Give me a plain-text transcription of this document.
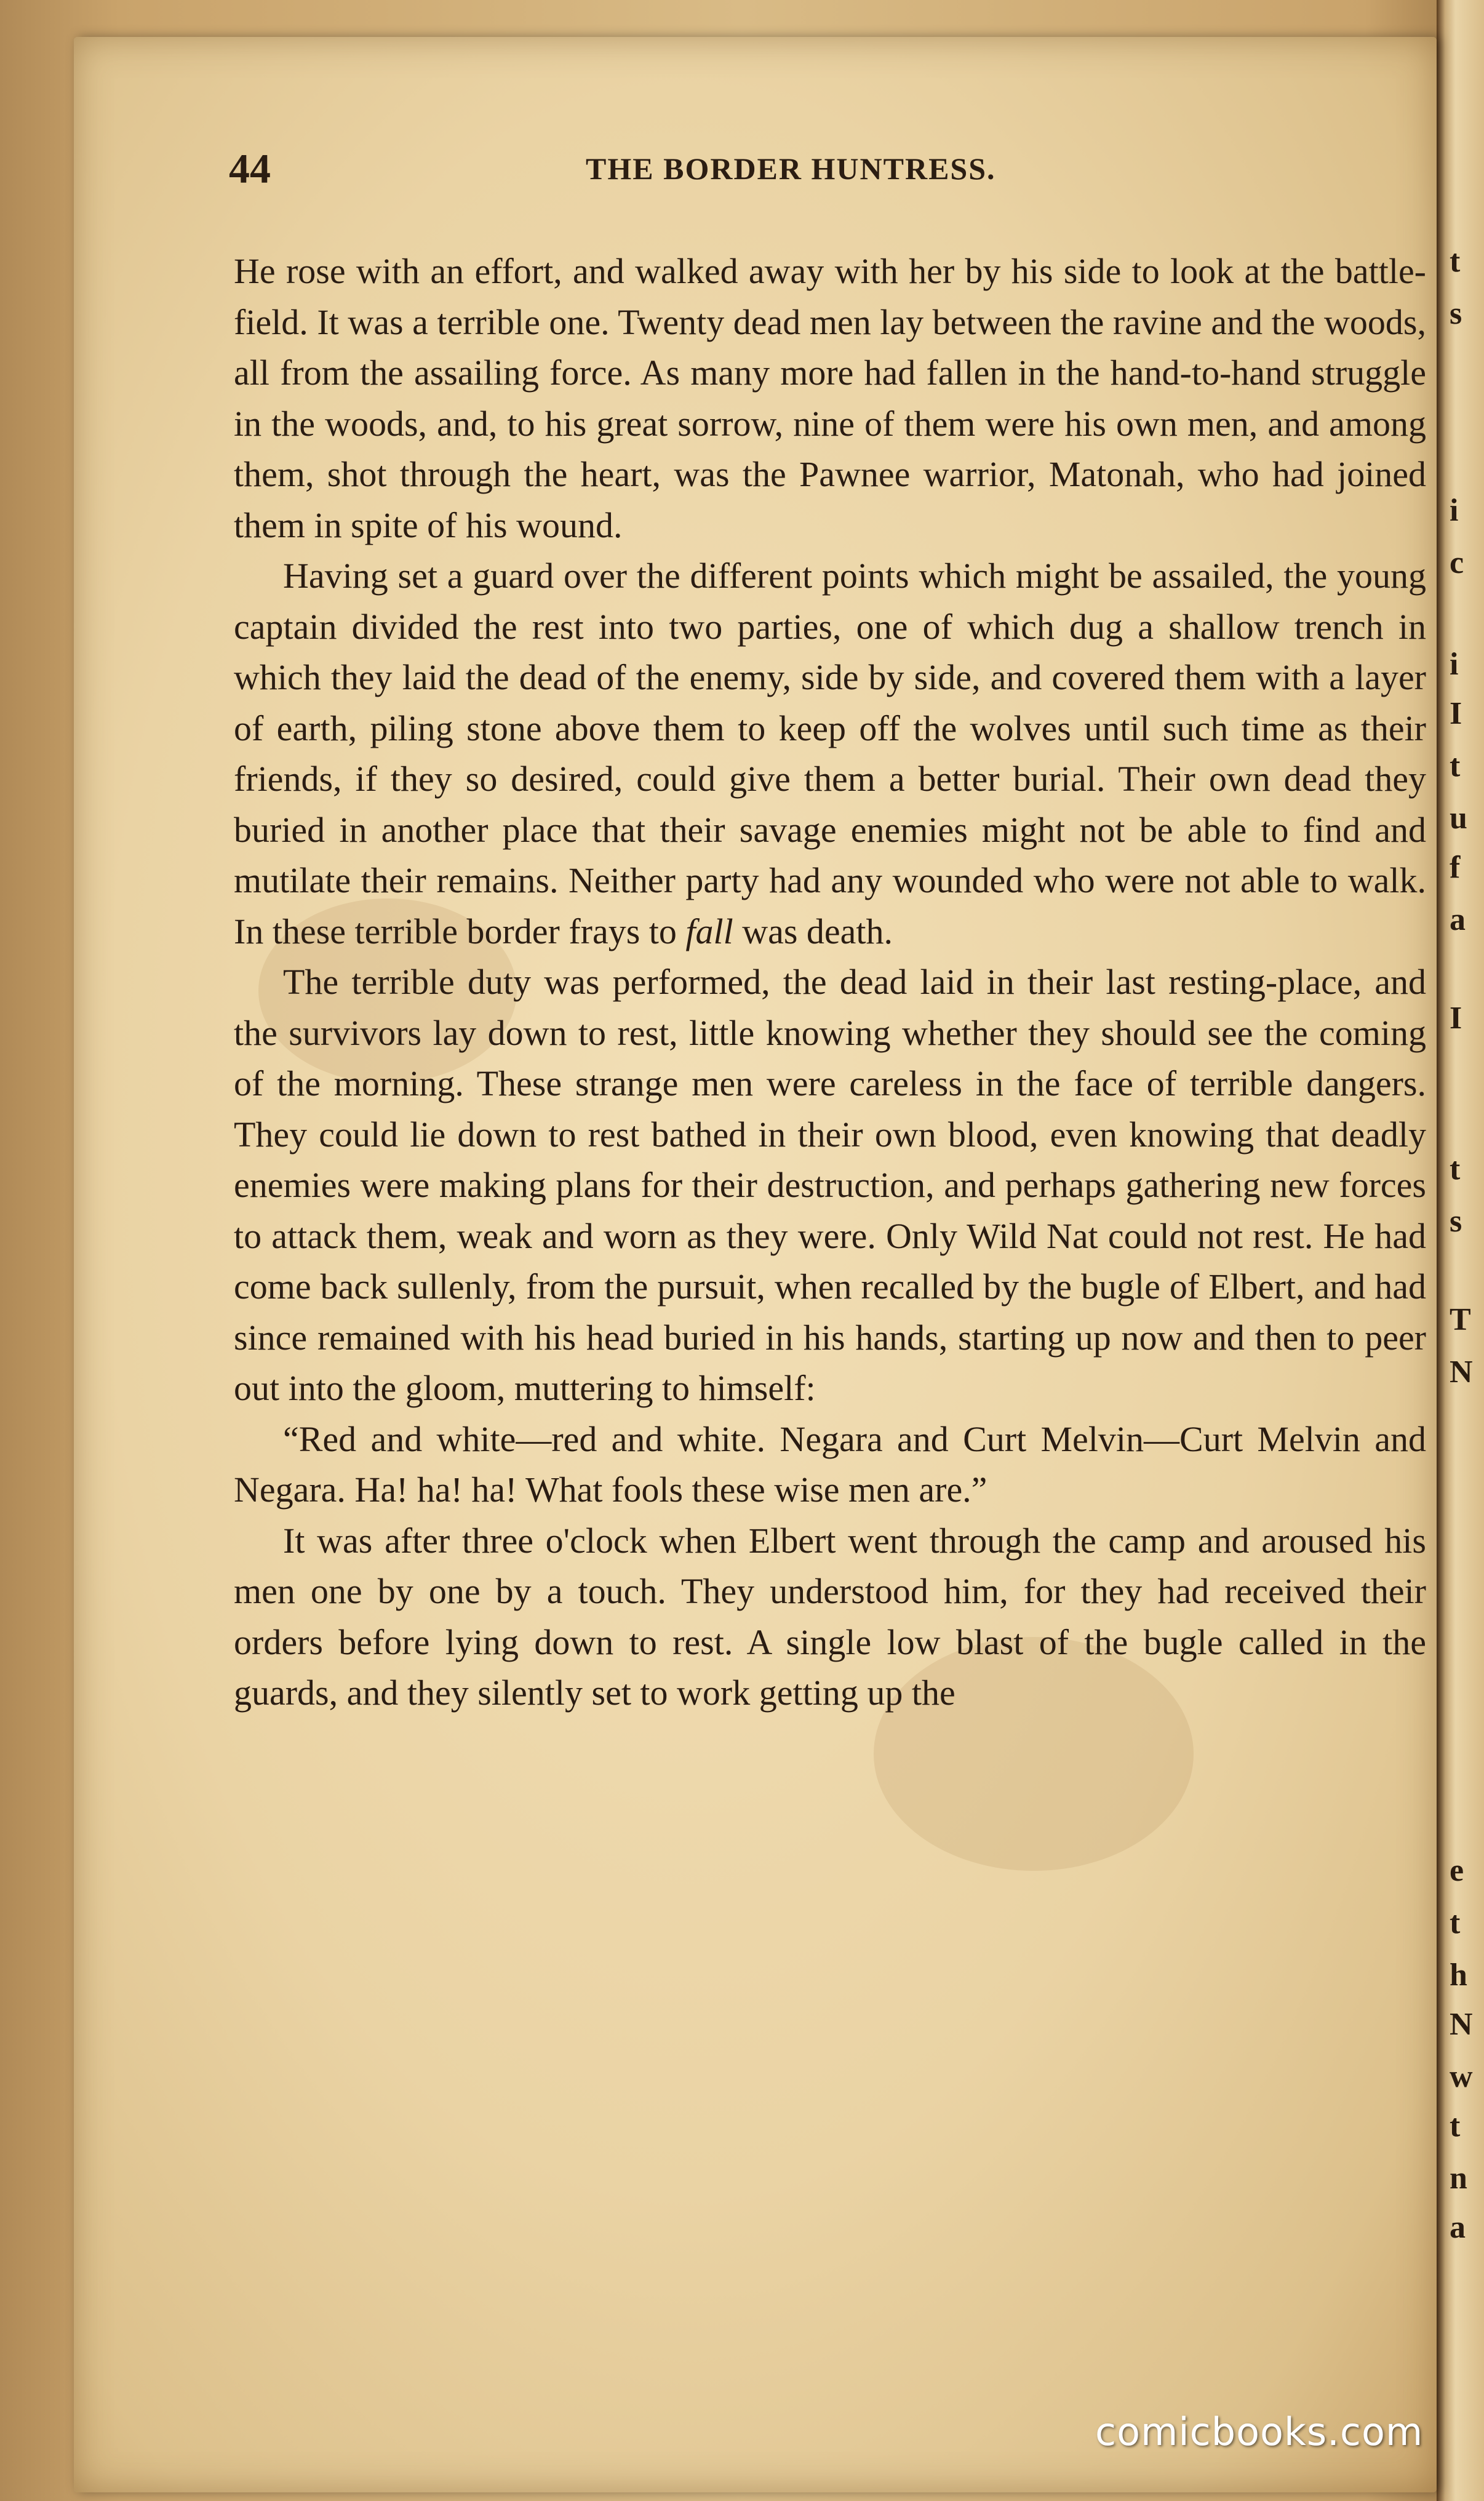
t
s
i
c
i
I
t
u
f
a
I
t
s
T
N
e
t
h
N
w
t
n
a
44	THE BORDER HUNTRESS.

He rose with an effort, and walked away with her by his side to look at the battle-field. It was a terrible one. Twenty dead men lay between the ravine and the woods, all from the assailing force. As many more had fallen in the hand-to-hand struggle in the woods, and, to his great sorrow, nine of them were his own men, and among them, shot through the heart, was the Pawnee warrior, Matonah, who had joined them in spite of his wound.

Having set a guard over the different points which might be assailed, the young captain divided the rest into two parties, one of which dug a shallow trench in which they laid the dead of the enemy, side by side, and covered them with a layer of earth, piling stone above them to keep off the wolves until such time as their friends, if they so desired, could give them a better burial. Their own dead they buried in another place that their savage enemies might not be able to find and mutilate their remains. Neither party had any wounded who were not able to walk. In these terrible border frays to fall was death.

The terrible duty was performed, the dead laid in their last resting-place, and the survivors lay down to rest, little knowing whether they should see the coming of the morning. These strange men were careless in the face of terrible dangers. They could lie down to rest bathed in their own blood, even knowing that deadly enemies were making plans for their destruction, and perhaps gathering new forces to attack them, weak and worn as they were. Only Wild Nat could not rest. He had come back sullenly, from the pursuit, when recalled by the bugle of Elbert, and had since remained with his head buried in his hands, starting up now and then to peer out into the gloom, muttering to himself:

“Red and white—red and white. Negara and Curt Melvin—Curt Melvin and Negara. Ha! ha! ha! What fools these wise men are.”

It was after three o'clock when Elbert went through the camp and aroused his men one by one by a touch. They understood him, for they had received their orders before lying down to rest. A single low blast of the bugle called in the guards, and they silently set to work getting up the

comicbooks.com
